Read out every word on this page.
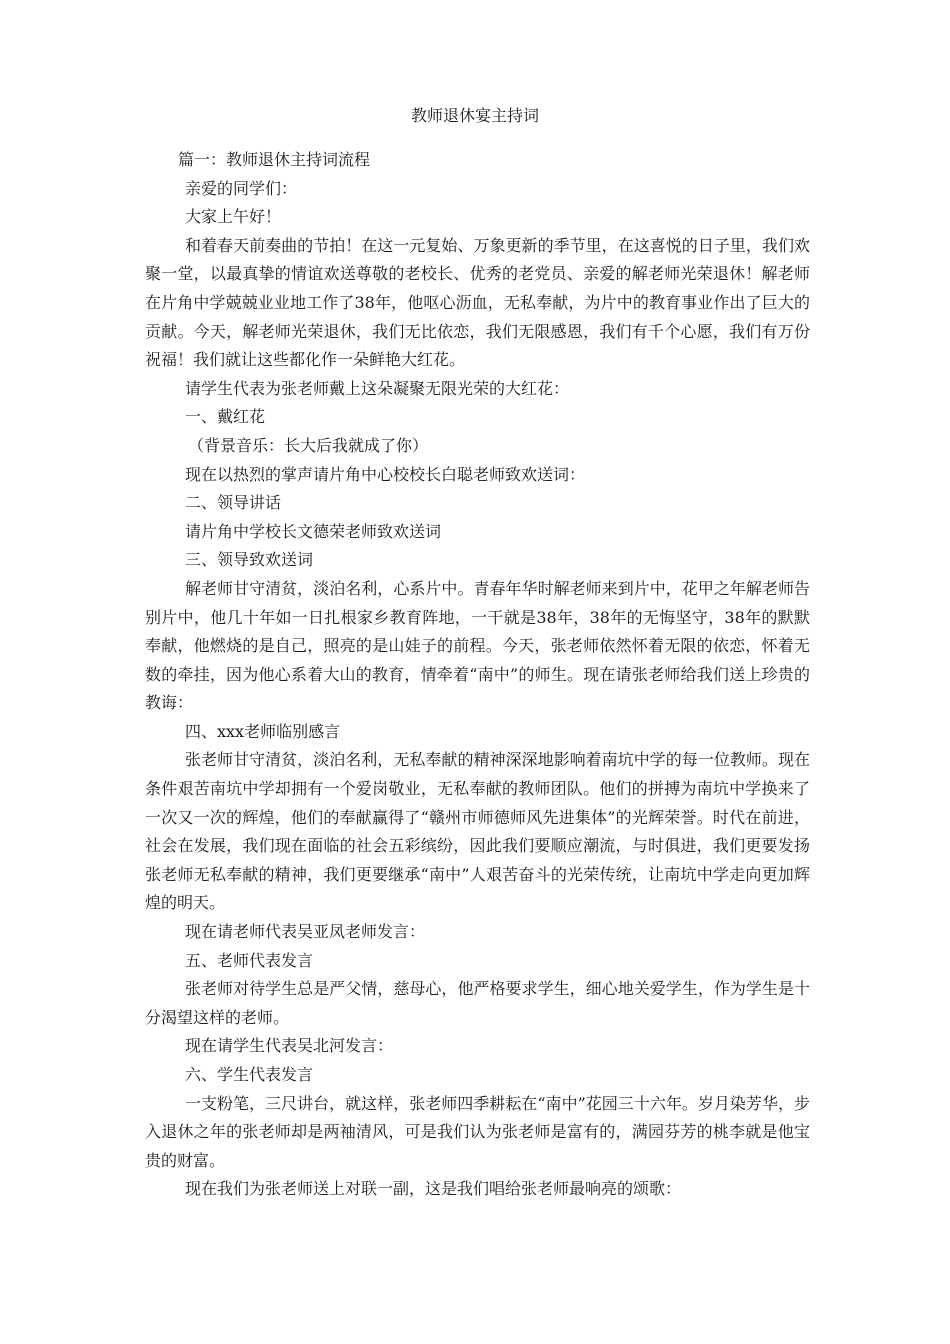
教师退休宴主持词

篇一：教师退休主持词流程

亲爱的同学们：

大家上午好！

和着春天前奏曲的节拍！在这一元复始、万象更新的季节里，在这喜悦的日子里，我们欢聚一堂，以最真挚的情谊欢送尊敬的老校长、优秀的老党员、亲爱的解老师光荣退休！解老师在片角中学兢兢业业地工作了38年，他呕心沥血，无私奉献，为片中的教育事业作出了巨大的贡献。今天，解老师光荣退休，我们无比依恋，我们无限感恩，我们有千个心愿，我们有万份祝福！我们就让这些都化作一朵鲜艳大红花。

请学生代表为张老师戴上这朵凝聚无限光荣的大红花：

一、戴红花

（背景音乐：长大后我就成了你）

现在以热烈的掌声请片角中心校校长白聪老师致欢送词：

二、领导讲话

请片角中学校长文德荣老师致欢送词

三、领导致欢送词

解老师甘守清贫，淡泊名利，心系片中。青春年华时解老师来到片中，花甲之年解老师告别片中，他几十年如一日扎根家乡教育阵地，一干就是38年，38年的无悔坚守，38年的默默奉献，他燃烧的是自己，照亮的是山娃子的前程。今天，张老师依然怀着无限的依恋，怀着无数的牵挂，因为他心系着大山的教育，情牵着“南中”的师生。现在请张老师给我们送上珍贵的教诲：

四、xxx老师临别感言

张老师甘守清贫，淡泊名利，无私奉献的精神深深地影响着南坑中学的每一位教师。现在条件艰苦南坑中学却拥有一个爱岗敬业，无私奉献的教师团队。他们的拼搏为南坑中学换来了一次又一次的辉煌，他们的奉献赢得了“赣州市师德师风先进集体”的光辉荣誉。时代在前进，社会在发展，我们现在面临的社会五彩缤纷，因此我们要顺应潮流，与时俱进，我们更要发扬张老师无私奉献的精神，我们更要继承“南中”人艰苦奋斗的光荣传统，让南坑中学走向更加辉煌的明天。

现在请老师代表吴亚凤老师发言：

五、老师代表发言

张老师对待学生总是严父情，慈母心，他严格要求学生，细心地关爱学生，作为学生是十分渴望这样的老师。

现在请学生代表吴北河发言：

六、学生代表发言

一支粉笔，三尺讲台，就这样，张老师四季耕耘在“南中”花园三十六年。岁月染芳华，步入退休之年的张老师却是两袖清风，可是我们认为张老师是富有的，满园芬芳的桃李就是他宝贵的财富。

现在我们为张老师送上对联一副，这是我们唱给张老师最响亮的颂歌：
